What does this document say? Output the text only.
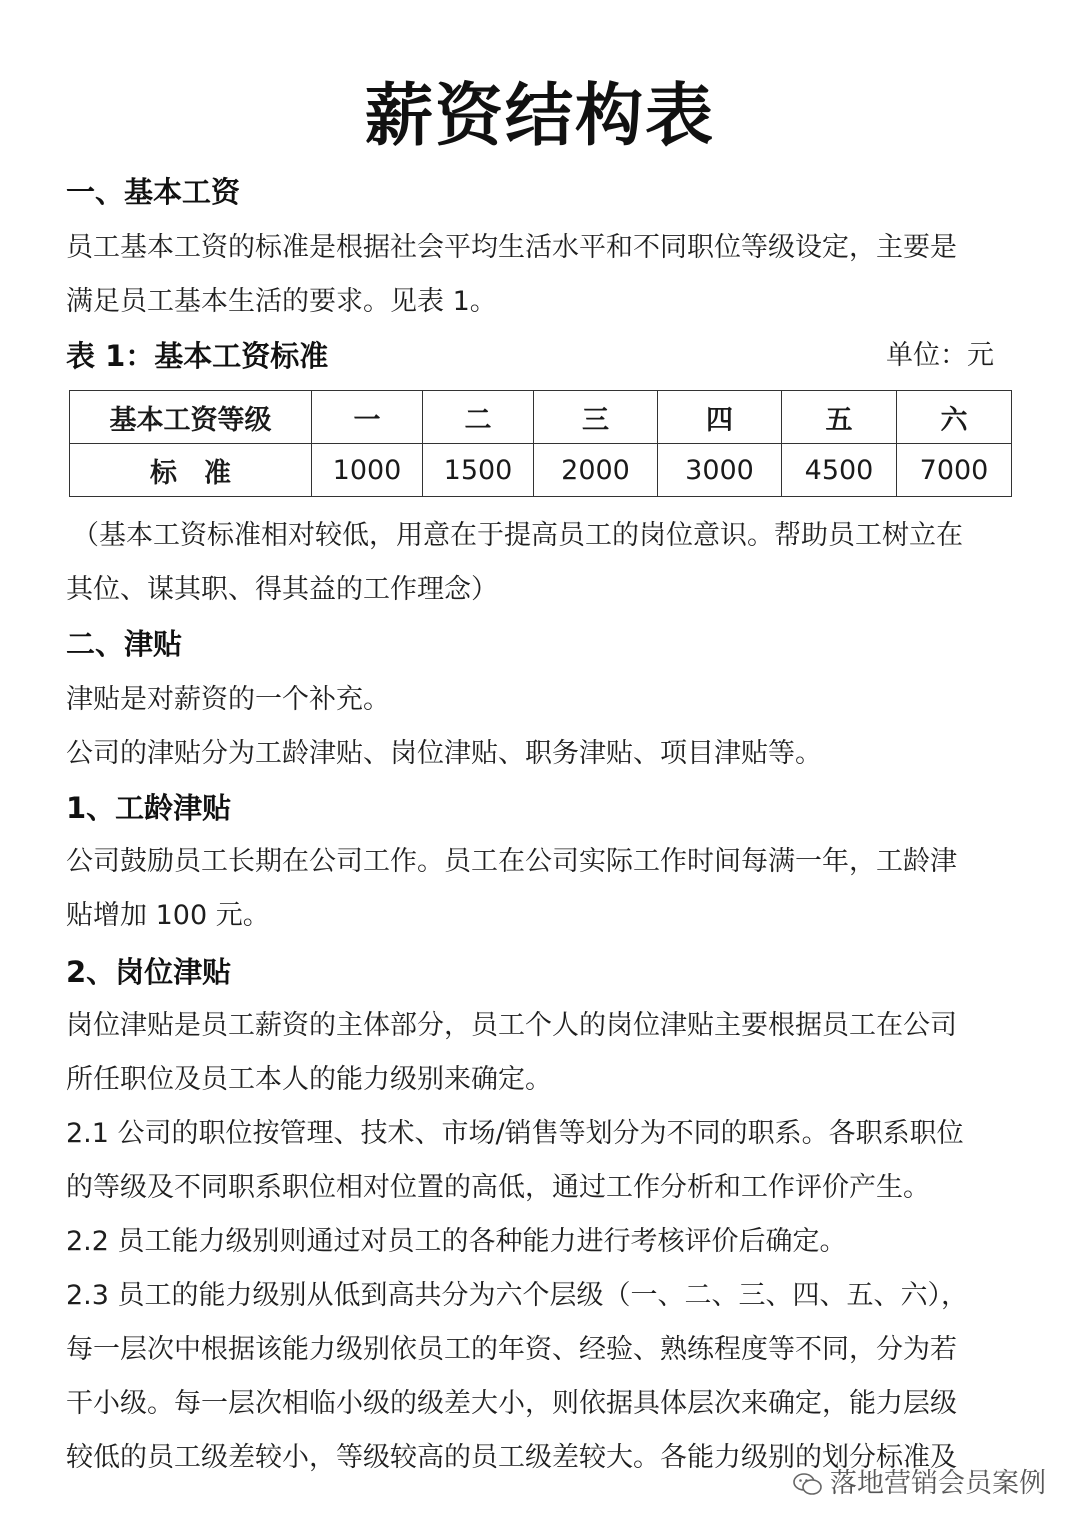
薪资结构表
一、基本工资
员工基本工资的标准是根据社会平均生活水平和不同职位等级设定，主要是
满足员工基本生活的要求。见表 1。
表 1：基本工资标准	单位：元
基本工资等级	一	二	三	四	五	六
标　准	1000	1500	2000	3000	4500	7000
（基本工资标准相对较低，用意在于提高员工的岗位意识。帮助员工树立在
其位、谋其职、得其益的工作理念）
二、津贴
津贴是对薪资的一个补充。
公司的津贴分为工龄津贴、岗位津贴、职务津贴、项目津贴等。
1、工龄津贴
公司鼓励员工长期在公司工作。员工在公司实际工作时间每满一年，工龄津
贴增加 100 元。
2、岗位津贴
岗位津贴是员工薪资的主体部分，员工个人的岗位津贴主要根据员工在公司
所任职位及员工本人的能力级别来确定。
2.1 公司的职位按管理、技术、市场/销售等划分为不同的职系。各职系职位
的等级及不同职系职位相对位置的高低，通过工作分析和工作评价产生。
2.2 员工能力级别则通过对员工的各种能力进行考核评价后确定。
2.3 员工的能力级别从低到高共分为六个层级（一、二、三、四、五、六），
每一层次中根据该能力级别依员工的年资、经验、熟练程度等不同，分为若
干小级。每一层次相临小级的级差大小，则依据具体层次来确定，能力层级
较低的员工级差较小，等级较高的员工级差较大。各能力级别的划分标准及
落地营销会员案例
